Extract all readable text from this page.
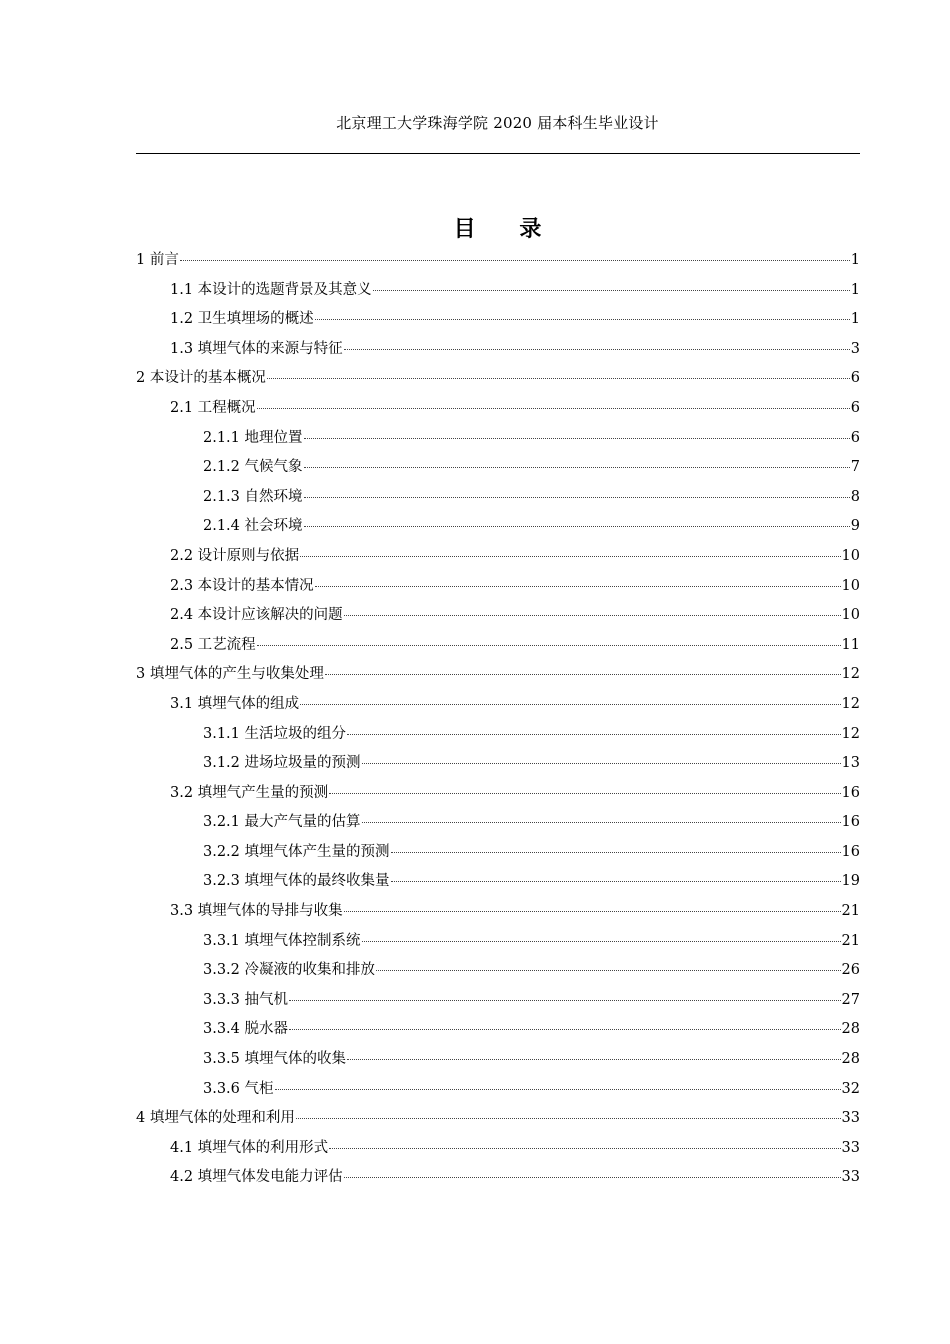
北京理工大学珠海学院 2020 届本科生毕业设计
目 录
1 前言	1
1.1 本设计的选题背景及其意义	1
1.2 卫生填埋场的概述	1
1.3 填埋气体的来源与特征	3
2 本设计的基本概况	6
2.1 工程概况	6
2.1.1 地理位置	6
2.1.2 气候气象	7
2.1.3 自然环境	8
2.1.4 社会环境	9
2.2 设计原则与依据	10
2.3 本设计的基本情况	10
2.4 本设计应该解决的问题	10
2.5 工艺流程	11
3 填埋气体的产生与收集处理	12
3.1 填埋气体的组成	12
3.1.1 生活垃圾的组分	12
3.1.2 进场垃圾量的预测	13
3.2 填埋气产生量的预测	16
3.2.1 最大产气量的估算	16
3.2.2 填埋气体产生量的预测	16
3.2.3 填埋气体的最终收集量	19
3.3 填埋气体的导排与收集	21
3.3.1 填埋气体控制系统	21
3.3.2 冷凝液的收集和排放	26
3.3.3 抽气机	27
3.3.4 脱水器	28
3.3.5 填埋气体的收集	28
3.3.6 气柜	32
4 填埋气体的处理和利用	33
4.1 填埋气体的利用形式	33
4.2 填埋气体发电能力评估	33
